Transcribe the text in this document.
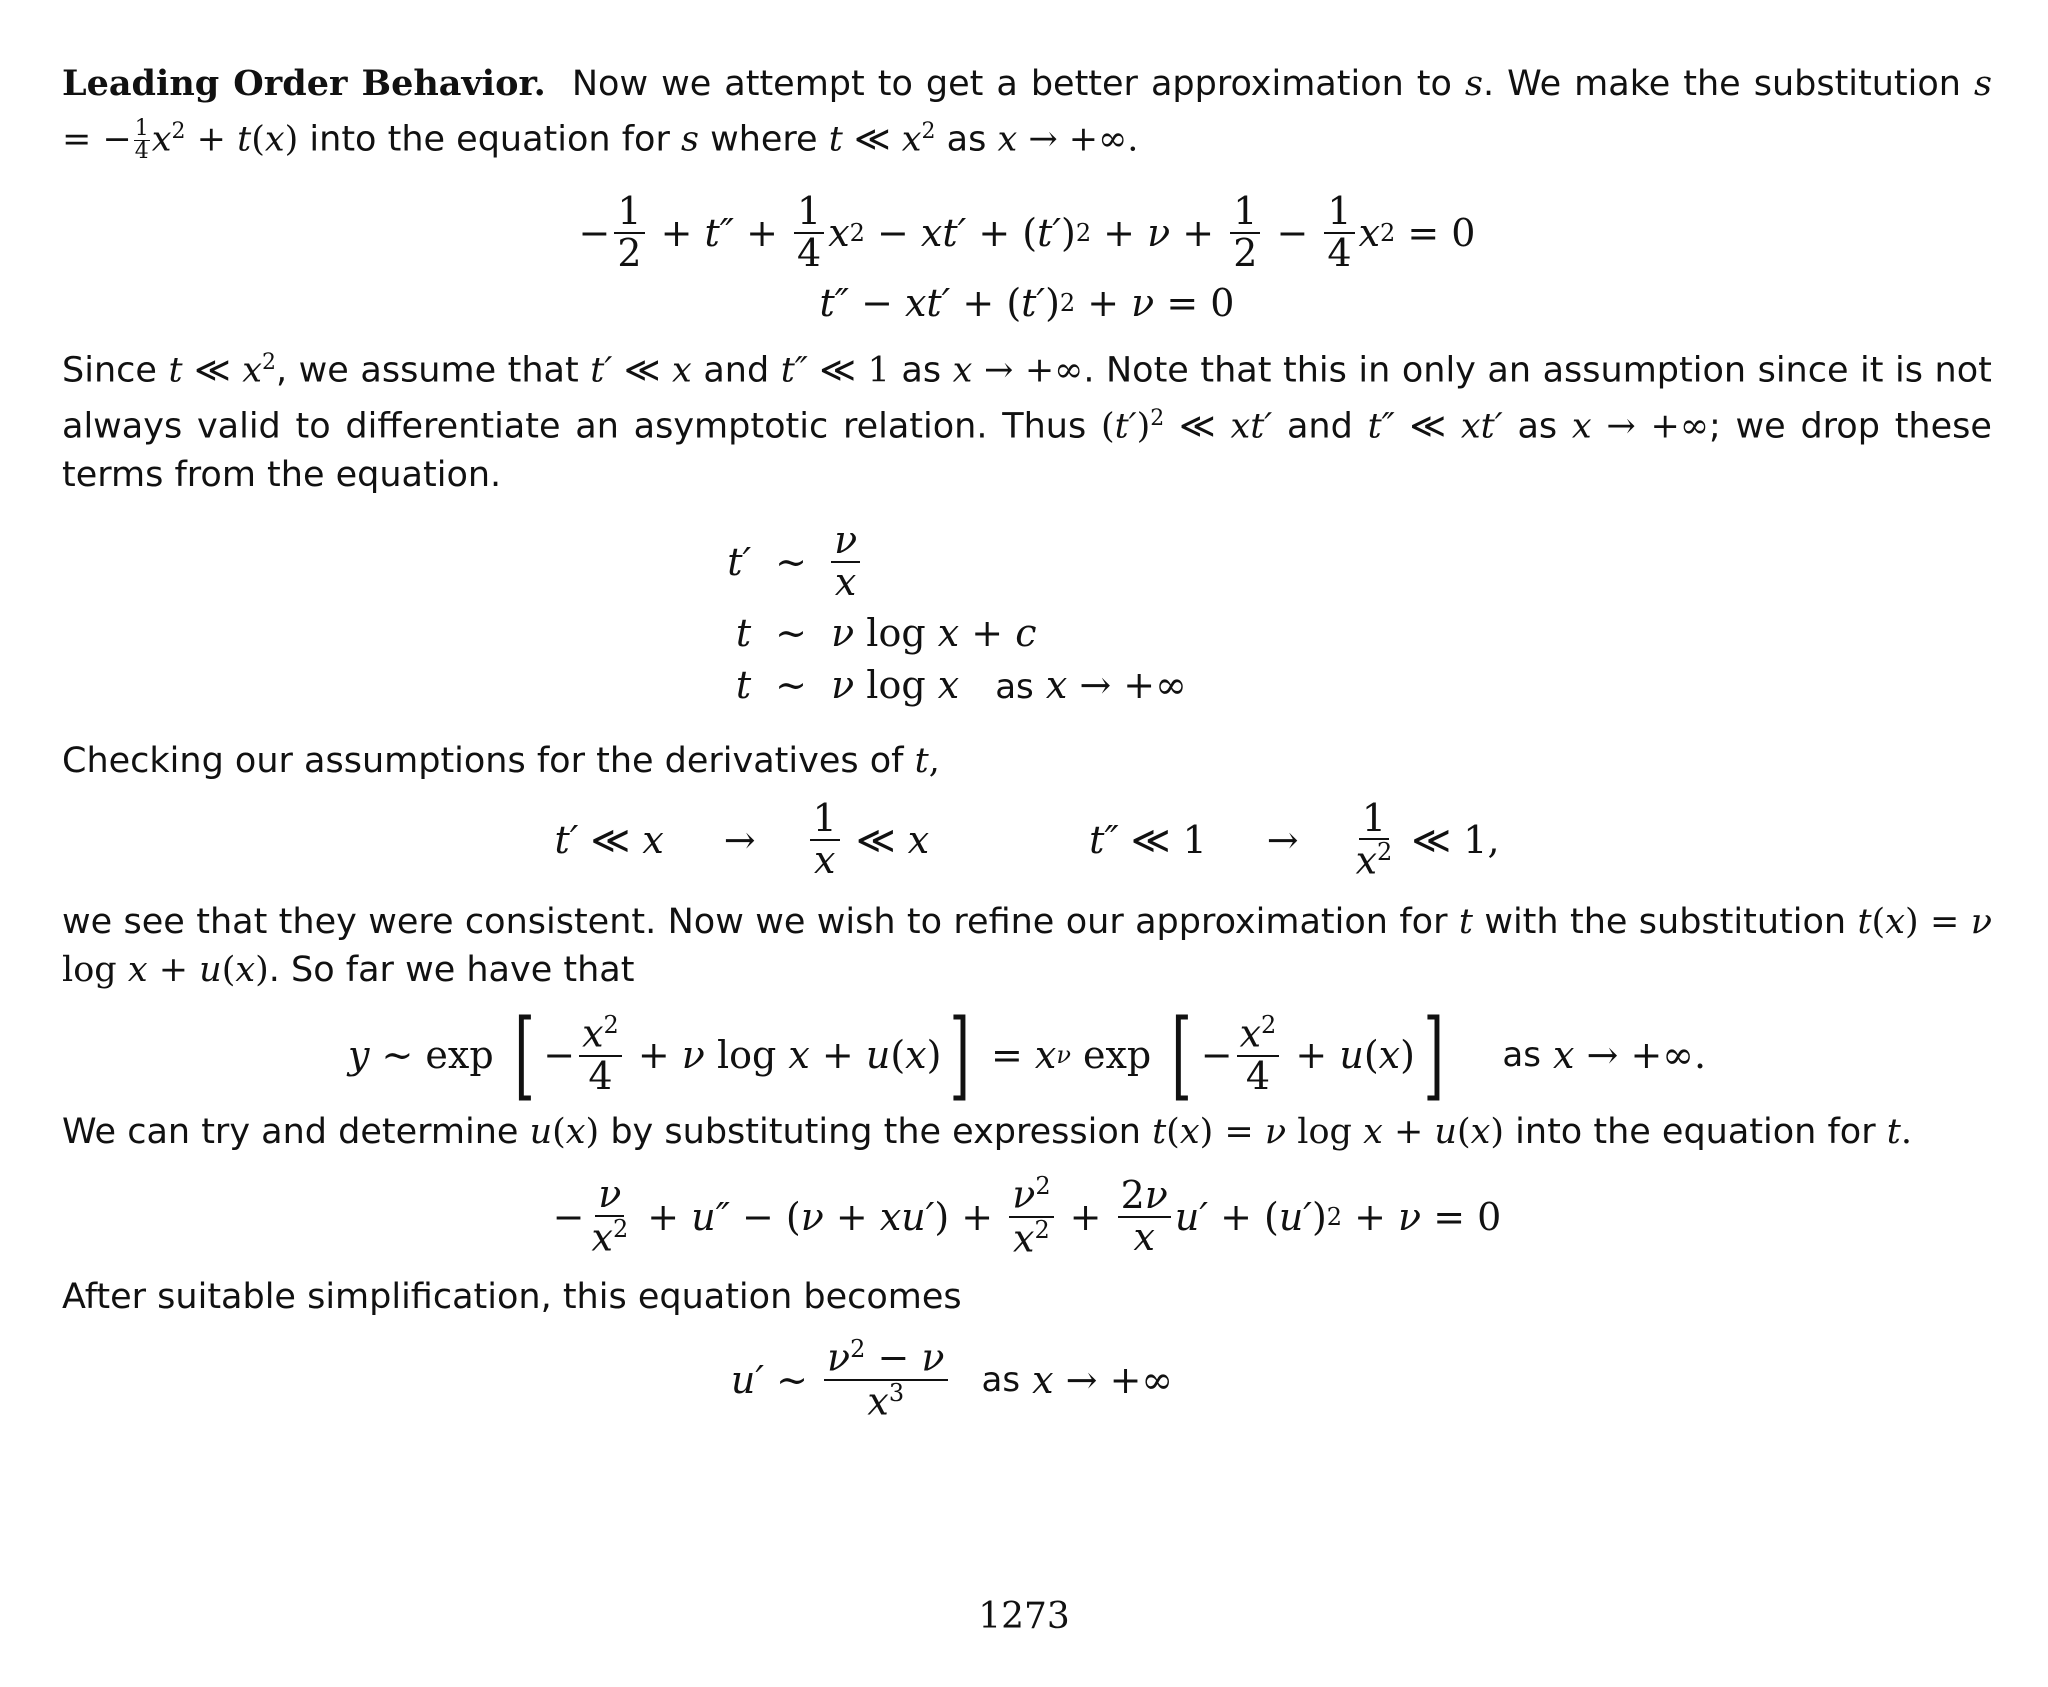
Leading Order Behavior. Now we attempt to get a better approximation to s. We make the substitution s = − $\frac{1}{4} x^2 + t(x)$ into the equation for s where t ≪ $x^2$ as x → +∞.

− $\frac{1}{2} + t'' + \frac{1}{4}$ x 2 − xt′ + ( t′ ) $2 + \nu + \frac{1}{2} - \frac{1}{4}$ x 2 = 0
t″ − xt′ + ( t′ ) 2 + ν = 0

Since t ≪ $x^2$, we assume that t′ ≪ x and t″ ≪ 1 as x → +∞. Note that this in only an assumption since it is not always valid to differentiate an asymptotic relation. Thus $(t')^2$ ≪ xt′ and t″ ≪ xt′ as x → +∞; we drop these terms from the equation.

t′ ∼ $\frac{\nu}{x}$
t ∼ ν log x + c
t ∼ ν log x as x → +∞

Checking our assumptions for the derivatives of t,

t′ ≪ $x \to \frac{1}{x}$ ≪ x	t″ ≪ $1 \to \frac{1}{x^2}$ ≪ 1,

we see that they were consistent. Now we wish to refine our approximation for t with the substitution t(x) = ν log x + u(x). So far we have that

y ∼ exp [ − $\frac{x^2}{4} + \nu$ log x + u ( x ) ] = x ν exp [ − $\frac{x^2}{4} + u$ ( x ) ] as
x → +∞.

We can try and determine u(x) by substituting the expression t(x) = ν log x + u(x) into the equation for t.

− $\frac{\nu}{x^2} + u''$ − ( ν + xu′ ) + $\frac{\nu^2}{x^2} + \frac{2\nu}{x} u'$ + ( u′ ) 2 + ν = 0

After suitable simplification, this equation becomes

u′ ∼ $\frac{\nu^2 - \nu}{x^3}$ as
x → +∞
1273
